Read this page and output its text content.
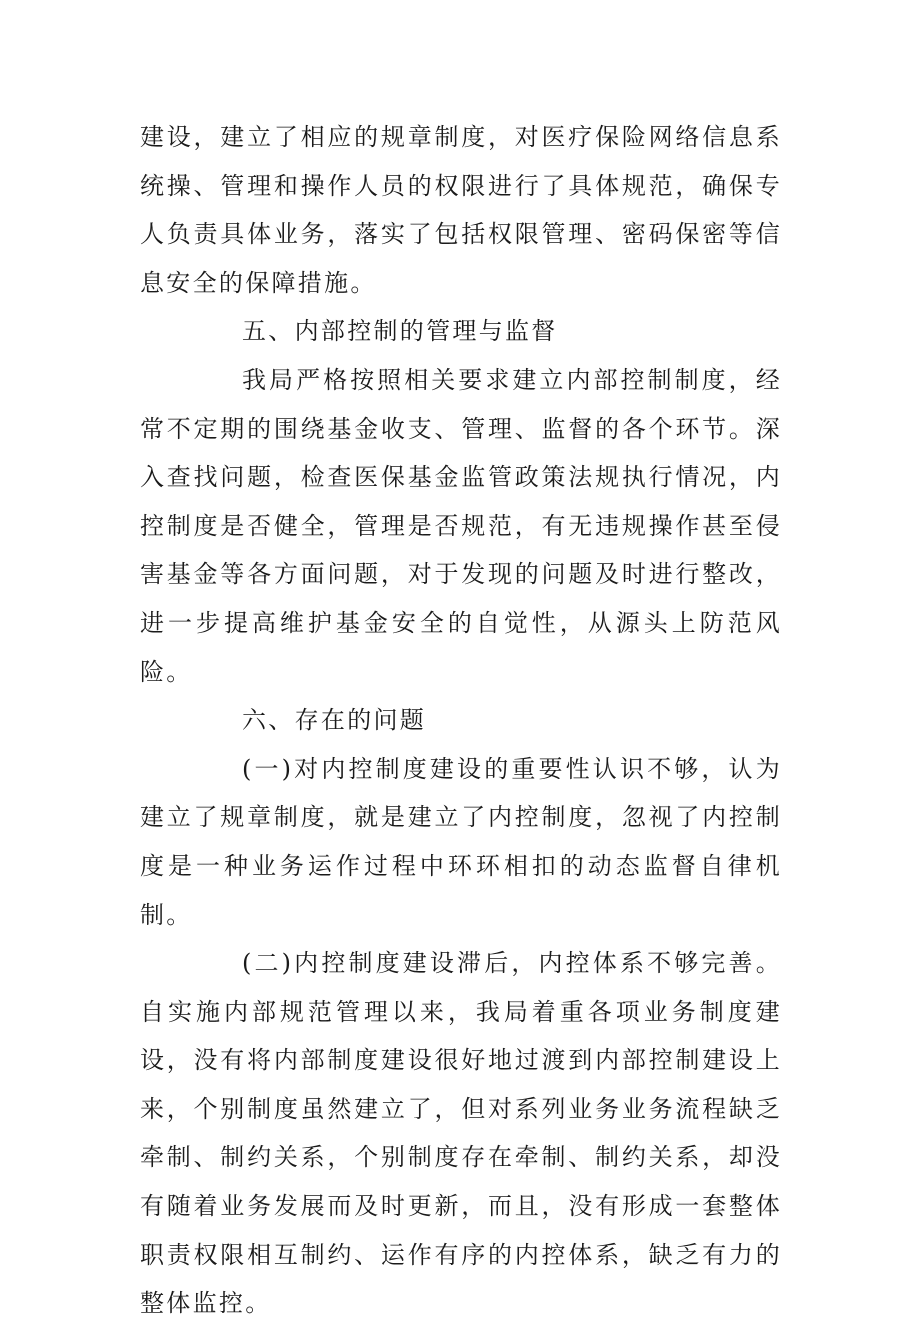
建设，建立了相应的规章制度，对医疗保险网络信息系统操、管理和操作人员的权限进行了具体规范，确保专人负责具体业务，落实了包括权限管理、密码保密等信息安全的保障措施。

五、内部控制的管理与监督

我局严格按照相关要求建立内部控制制度，经常不定期的围绕基金收支、管理、监督的各个环节。深入查找问题，检查医保基金监管政策法规执行情况，内控制度是否健全，管理是否规范，有无违规操作甚至侵害基金等各方面问题，对于发现的问题及时进行整改，进一步提高维护基金安全的自觉性，从源头上防范风险。

六、存在的问题

(一)对内控制度建设的重要性认识不够，认为建立了规章制度，就是建立了内控制度，忽视了内控制度是一种业务运作过程中环环相扣的动态监督自律机制。

(二)内控制度建设滞后，内控体系不够完善。自实施内部规范管理以来，我局着重各项业务制度建设，没有将内部制度建设很好地过渡到内部控制建设上来，个别制度虽然建立了，但对系列业务业务流程缺乏牵制、制约关系，个别制度存在牵制、制约关系，却没有随着业务发展而及时更新，而且，没有形成一套整体职责权限相互制约、运作有序的内控体系，缺乏有力的整体监控。
